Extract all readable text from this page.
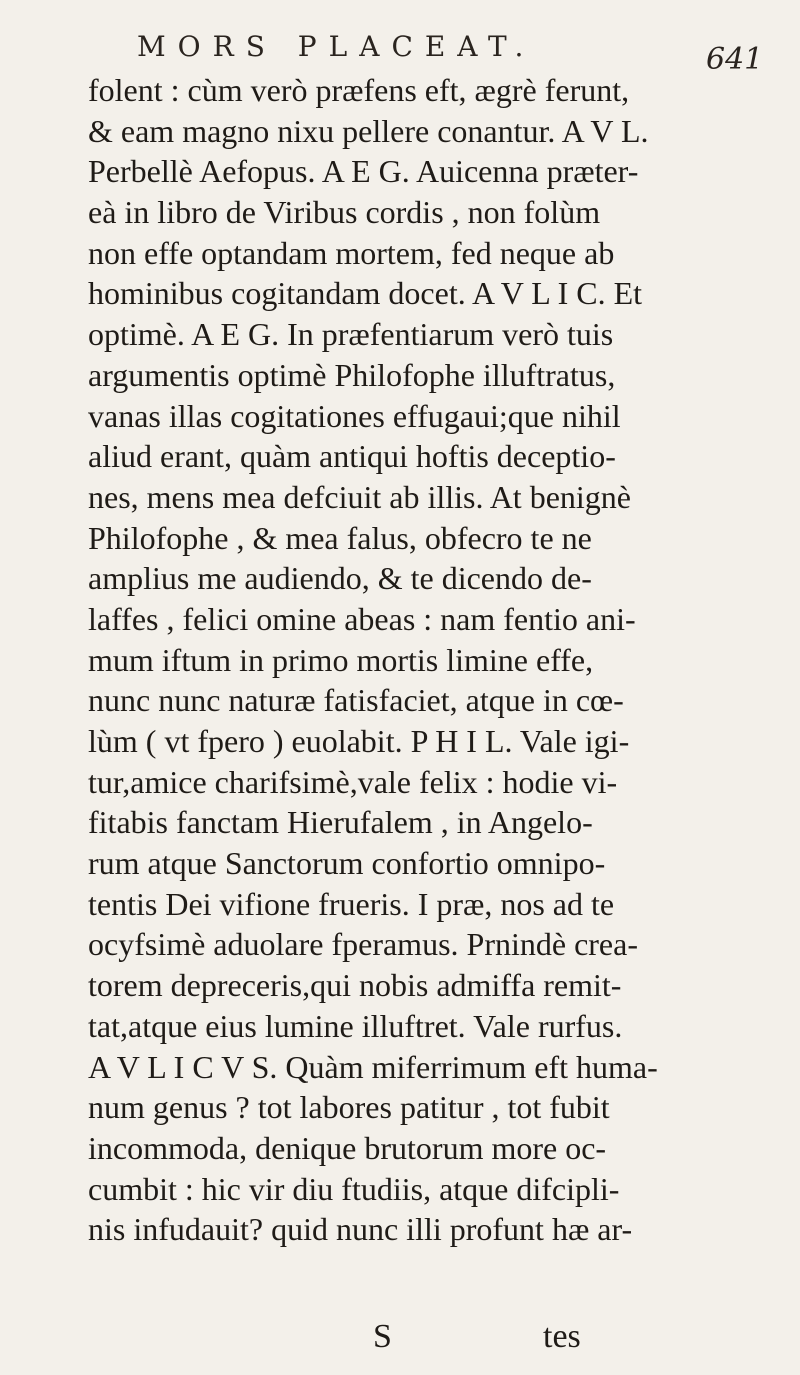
MORS PLACEAT.	641
folent : cùm verò præfens eft, ægrè ferunt,
& eam magno nixu pellere conantur. A V L.
Perbellè Aefopus. A E G. Auicenna præter-
eà in libro de Viribus cordis , non folùm
non effe optandam mortem, fed neque ab
hominibus cogitandam docet. A V L I C. Et
optimè. A E G. In præfentiarum verò tuis
argumentis optimè Philofophe illuftratus,
vanas illas cogitationes effugaui;que nihil
aliud erant, quàm antiqui hoftis deceptio-
nes, mens mea defciuit ab illis. At benignè
Philofophe , & mea falus, obfecro te ne
amplius me audiendo, & te dicendo de-
laffes , felici omine abeas : nam fentio ani-
mum iftum in primo mortis limine effe,
nunc nunc naturæ fatisfaciet, atque in cœ-
lùm ( vt fpero ) euolabit. P H I L. Vale igi-
tur,amice charifsimè,vale felix : hodie vi-
fitabis fanctam Hierufalem , in Angelo-
rum atque Sanctorum confortio omnipo-
tentis Dei vifione frueris. I præ, nos ad te
ocyfsimè aduolare fperamus. Prnindè crea-
torem depreceris,qui nobis admiffa remit-
tat,atque eius lumine illuftret. Vale rurfus.
A V L I C V S. Quàm miferrimum eft huma-
num genus ? tot labores patitur , tot fubit
incommoda, denique brutorum more oc-
cumbit : hic vir diu ftudiis, atque difcipli-
nis infudauit? quid nunc illi profunt hæ ar-
S	tes
